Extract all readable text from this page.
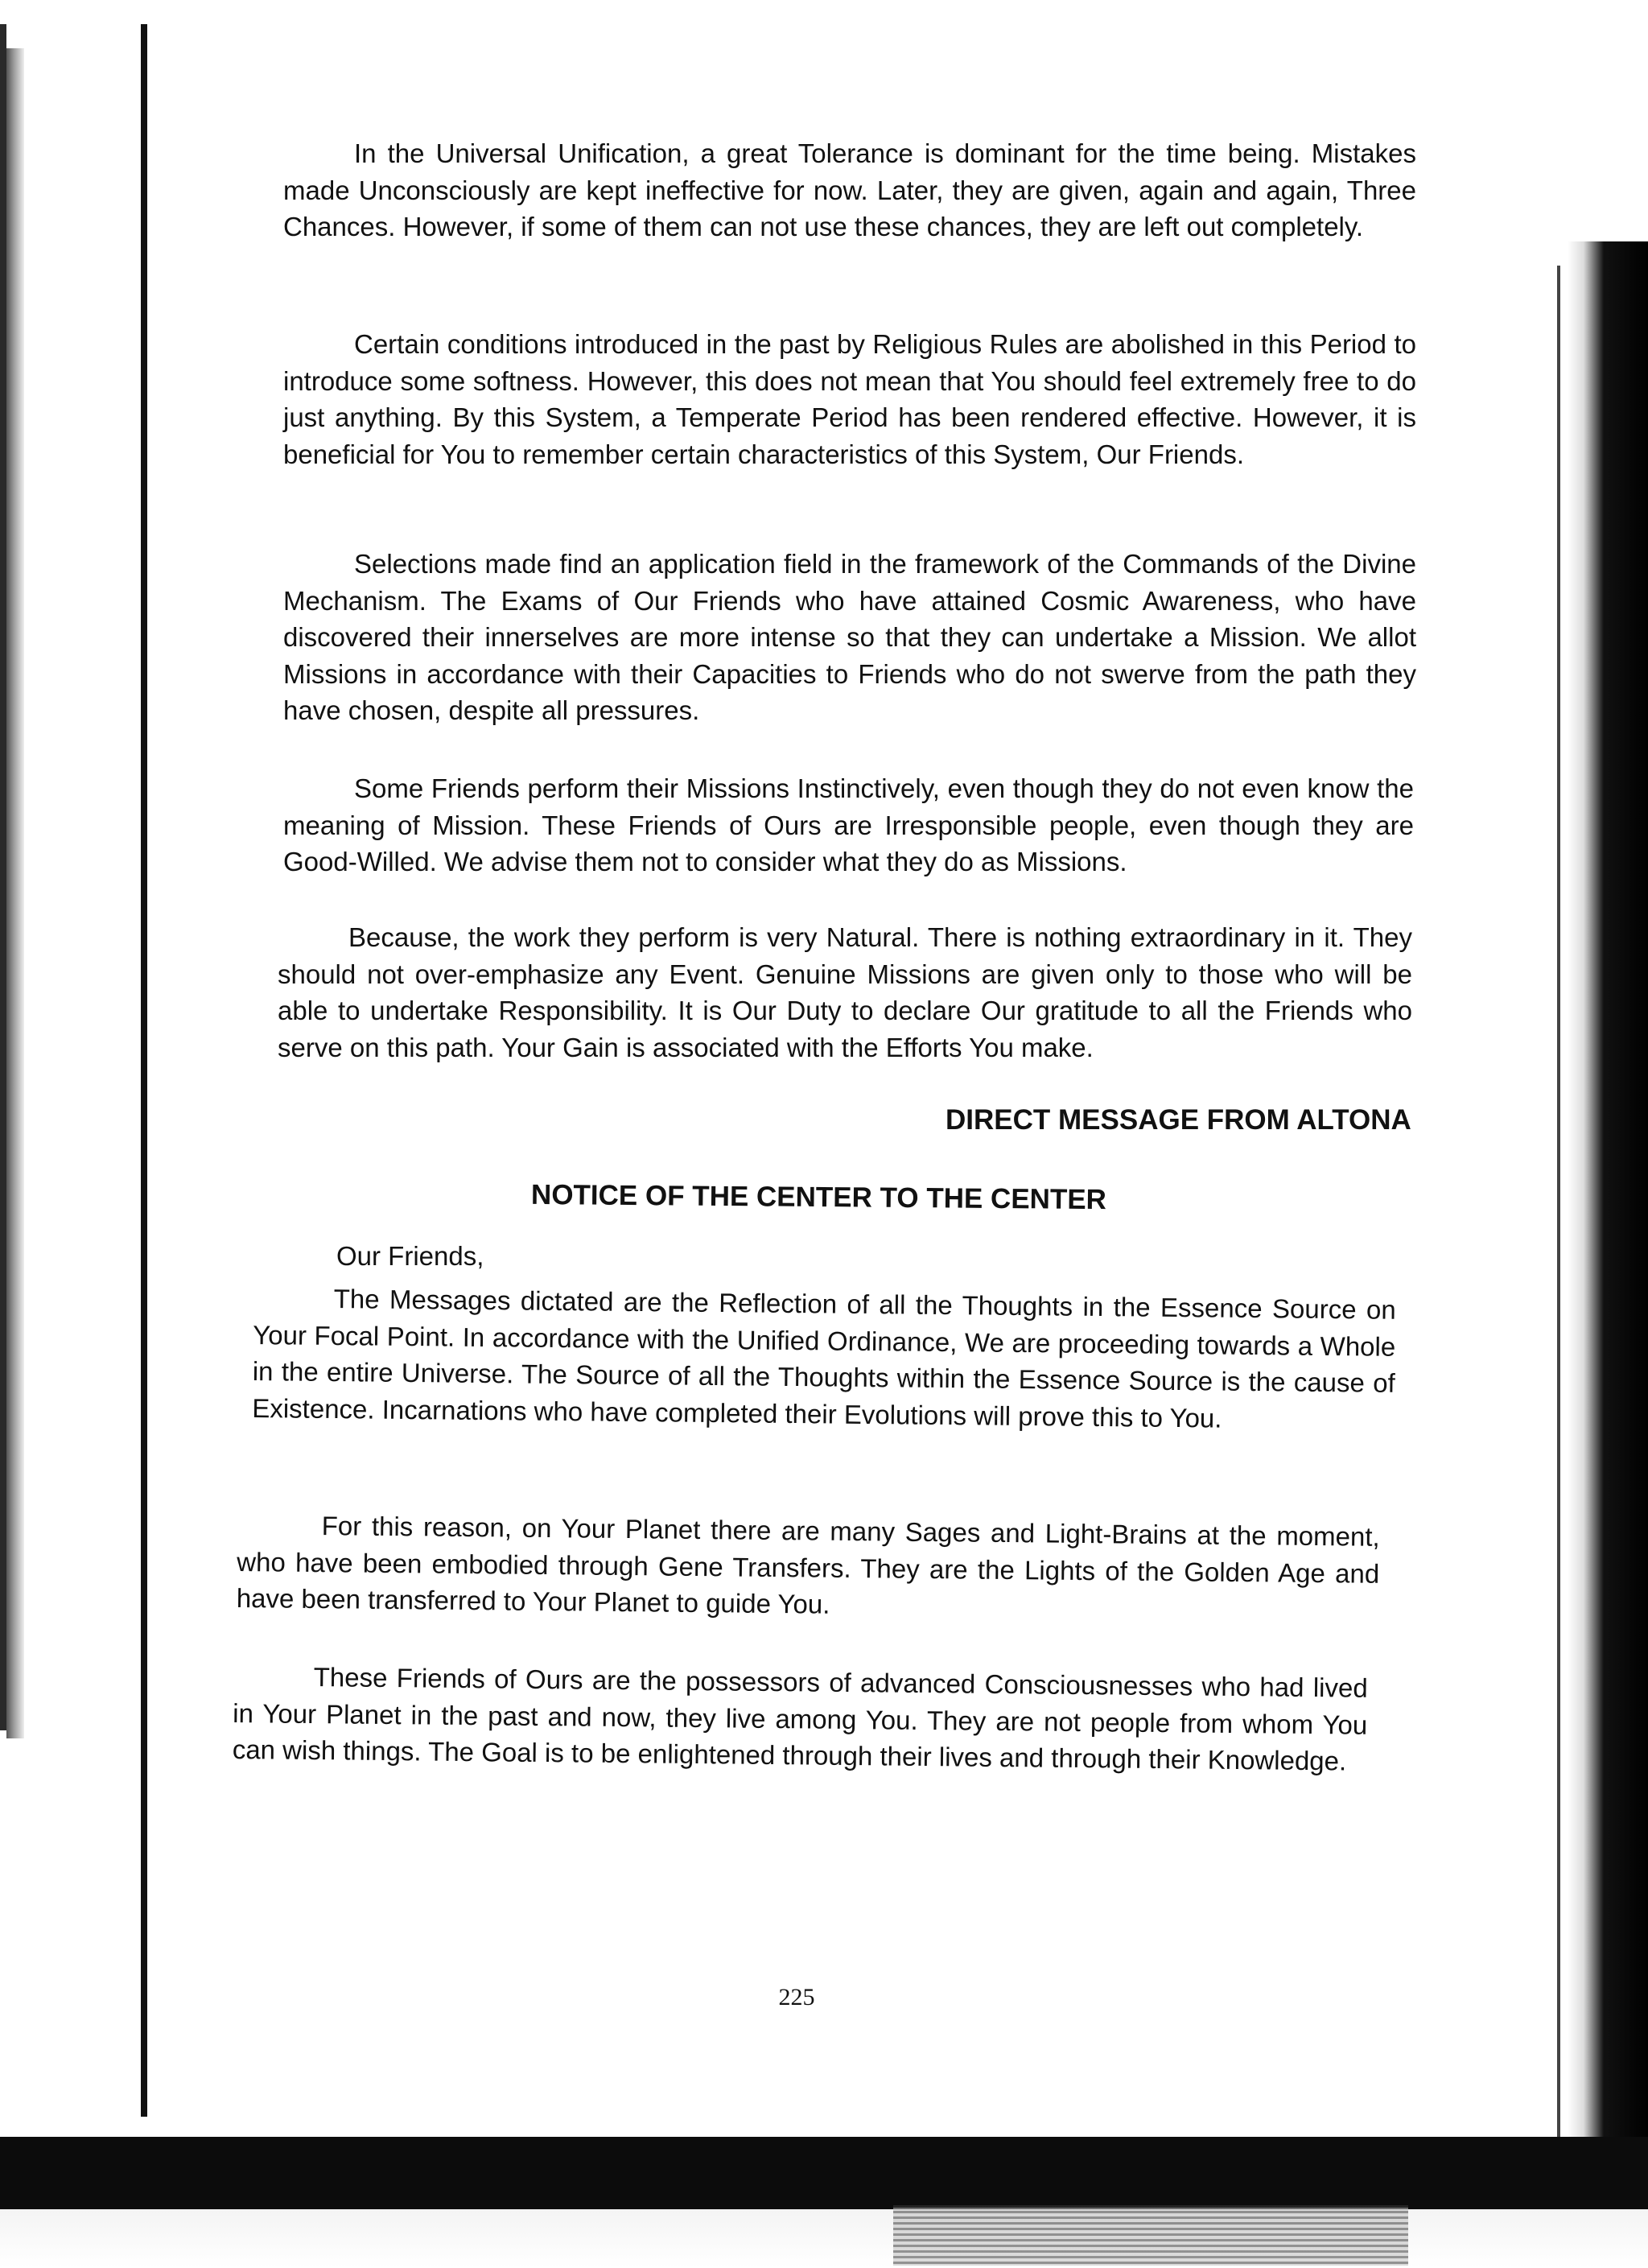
In the Universal Unification, a great Tolerance is dominant for the time being. Mistakes made Unconsciously are kept ineffective for now. Later, they are given, again and again, Three Chances. However, if some of them can not use these chances, they are left out completely.

Certain conditions introduced in the past by Religious Rules are abolished in this Period to introduce some softness. However, this does not mean that You should feel extremely free to do just anything. By this System, a Temperate Period has been rendered effective. However, it is beneficial for You to remember certain characteristics of this System, Our Friends.

Selections made find an application field in the framework of the Commands of the Divine Mechanism. The Exams of Our Friends who have attained Cosmic Awareness, who have discovered their innerselves are more intense so that they can undertake a Mission. We allot Missions in accordance with their Capacities to Friends who do not swerve from the path they have chosen, despite all pressures.

Some Friends perform their Missions Instinctively, even though they do not even know the meaning of Mission. These Friends of Ours are Irresponsible people, even though they are Good-Willed. We advise them not to consider what they do as Missions.

Because, the work they perform is very Natural. There is nothing extraordinary in it. They should not over-emphasize any Event. Genuine Missions are given only to those who will be able to undertake Responsibility. It is Our Duty to declare Our gratitude to all the Friends who serve on this path. Your Gain is associated with the Efforts You make.

DIRECT MESSAGE FROM ALTONA
NOTICE OF THE CENTER TO THE CENTER

Our Friends,

The Messages dictated are the Reflection of all the Thoughts in the Essence Source on Your Focal Point. In accordance with the Unified Ordinance, We are proceeding towards a Whole in the entire Universe. The Source of all the Thoughts within the Essence Source is the cause of Existence. Incarnations who have completed their Evolutions will prove this to You.

For this reason, on Your Planet there are many Sages and Light-Brains at the moment, who have been embodied through Gene Transfers. They are the Lights of the Golden Age and have been transferred to Your Planet to guide You.

These Friends of Ours are the possessors of advanced Consciousnesses who had lived in Your Planet in the past and now, they live among You. They are not people from whom You can wish things. The Goal is to be enlightened through their lives and through their Knowledge.

225
